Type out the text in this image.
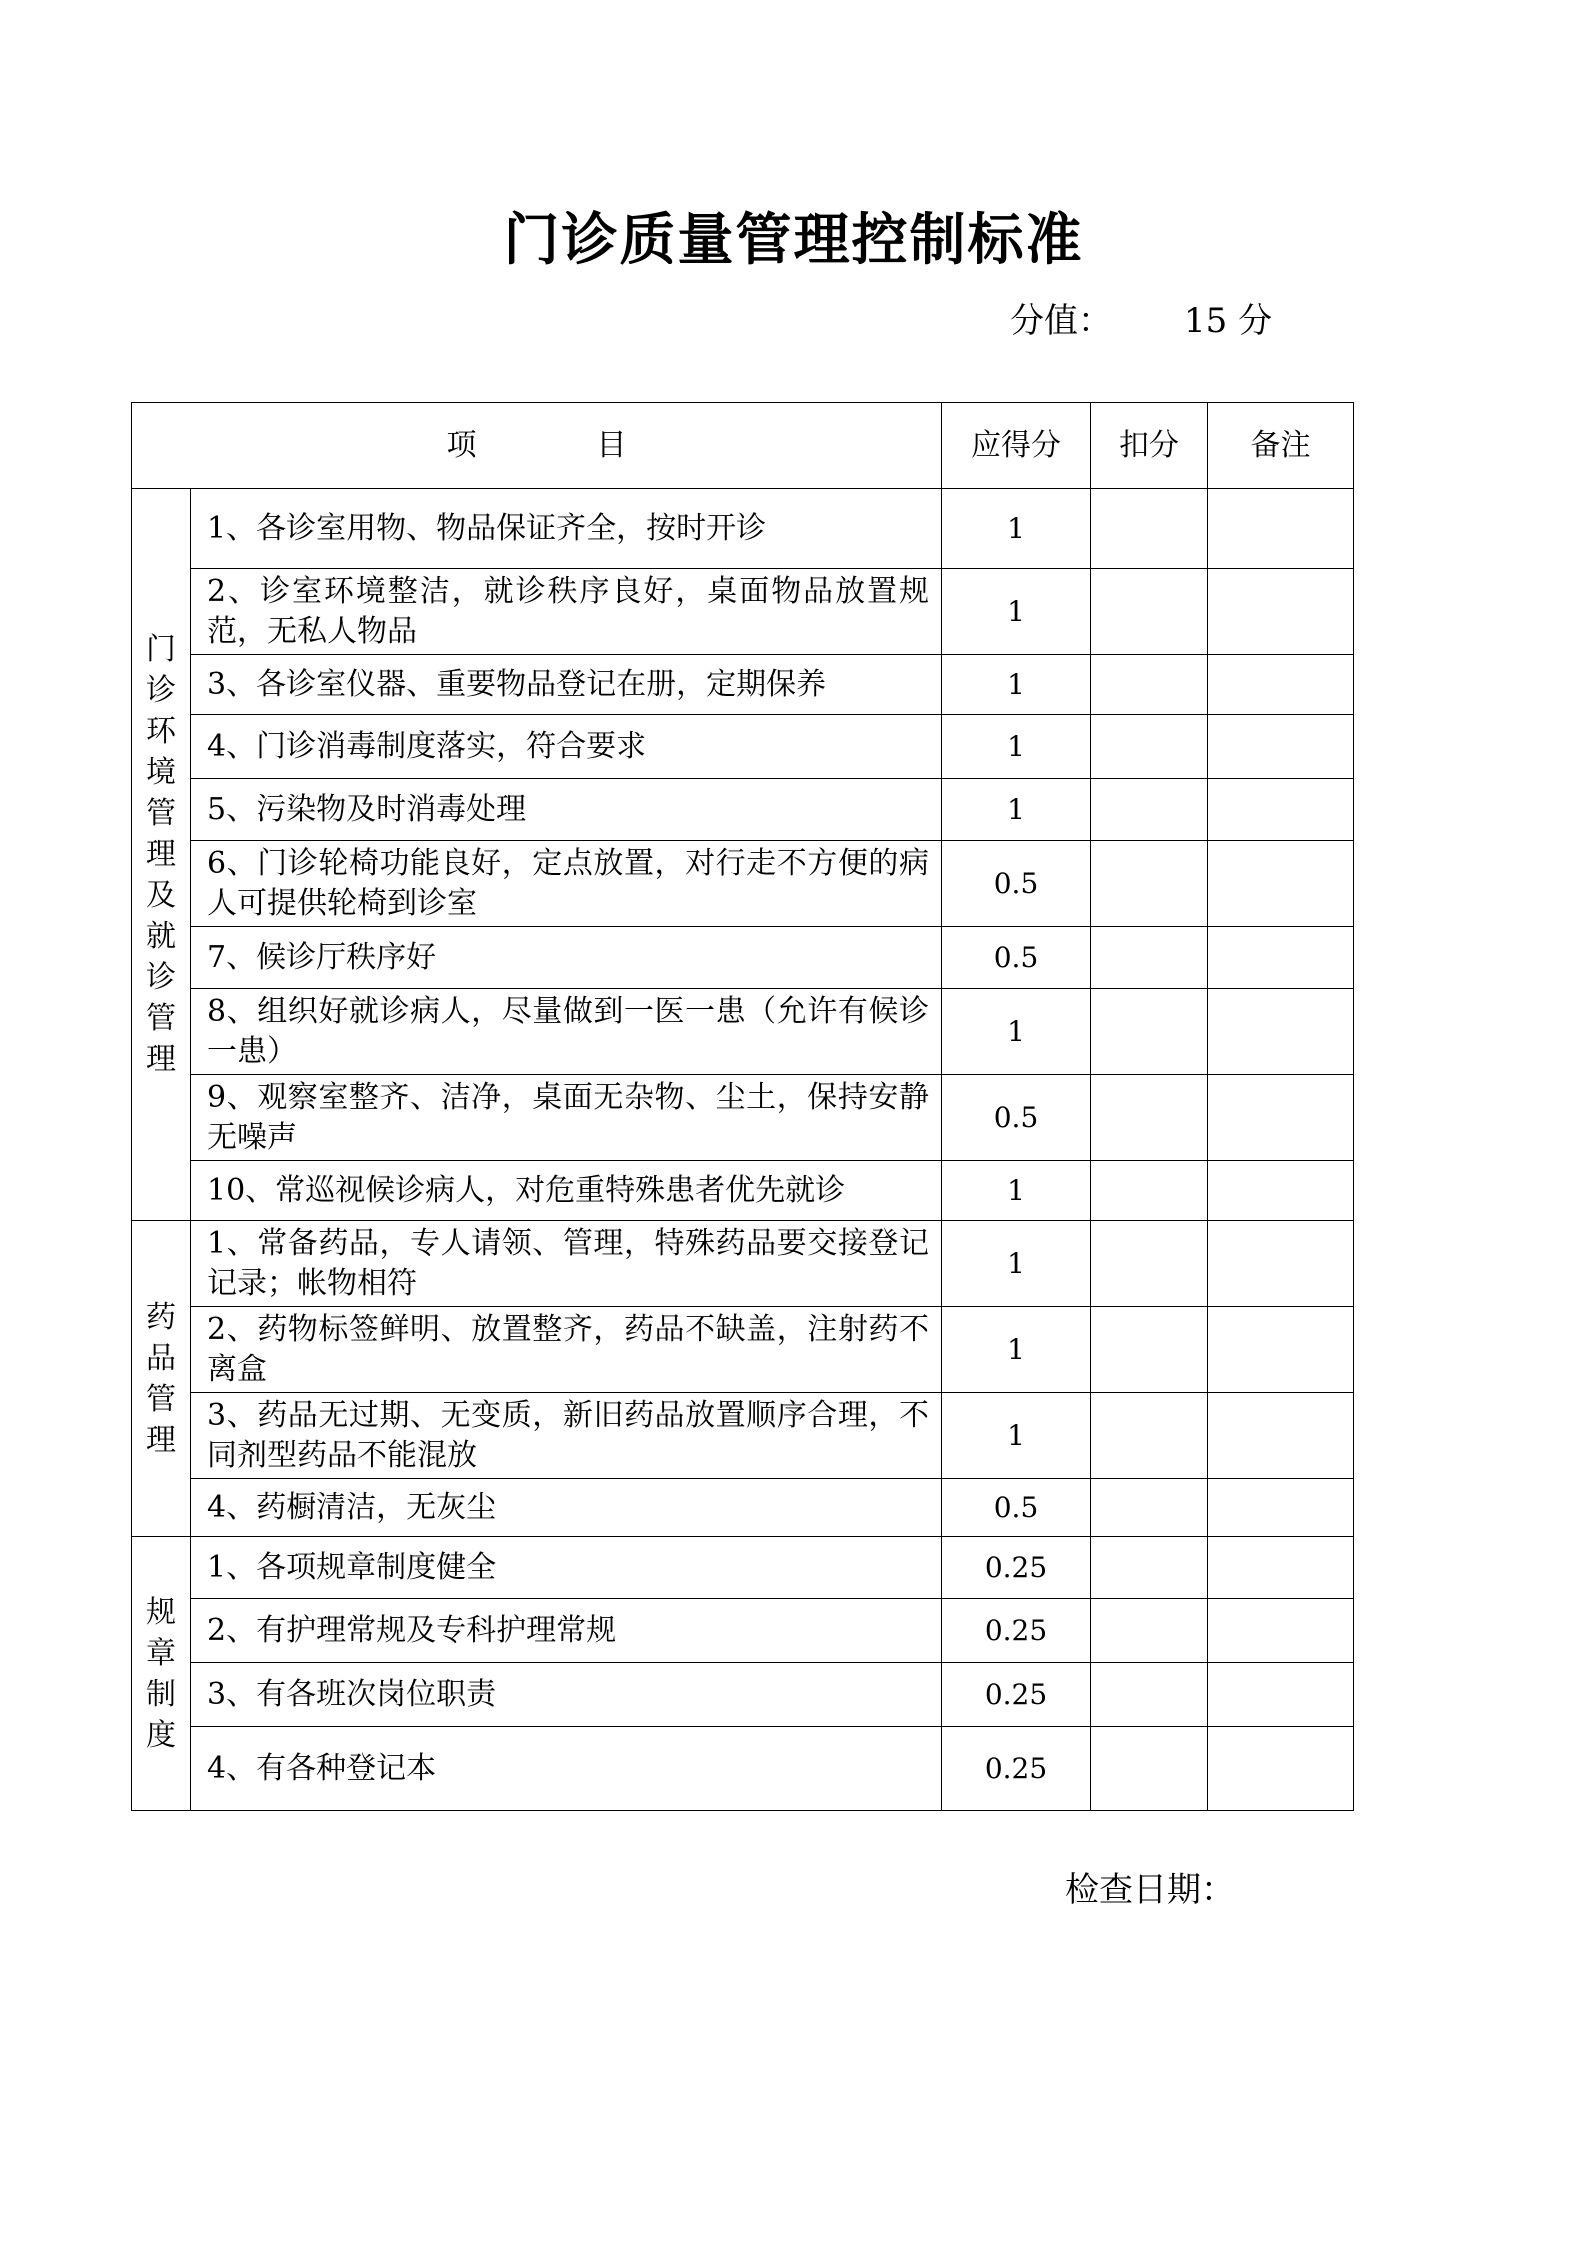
门诊质量管理控制标准
分值： 15 分
项　　　　目		应得分	扣分	备注
门诊环境管理及就诊管理	1、各诊室用物、物品保证齐全，按时开诊	1		
	2、诊室环境整洁，就诊秩序良好，桌面物品放置规范，无私人物品	1		
	3、各诊室仪器、重要物品登记在册，定期保养	1		
	4、门诊消毒制度落实，符合要求	1		
	5、污染物及时消毒处理	1		
	6、门诊轮椅功能良好，定点放置，对行走不方便的病人可提供轮椅到诊室	0.5		
	7、候诊厅秩序好	0.5		
	8、组织好就诊病人，尽量做到一医一患（允许有候诊一患）	1		
	9、观察室整齐、洁净，桌面无杂物、尘土，保持安静无噪声	0.5		
	10、常巡视候诊病人，对危重特殊患者优先就诊	1		
药品管理	1、常备药品，专人请领、管理，特殊药品要交接登记记录；帐物相符	1		
	2、药物标签鲜明、放置整齐，药品不缺盖，注射药不离盒	1		
	3、药品无过期、无变质，新旧药品放置顺序合理，不同剂型药品不能混放	1		
	4、药橱清洁，无灰尘	0.5		
规章制度	1、各项规章制度健全	0.25		
	2、有护理常规及专科护理常规	0.25		
	3、有各班次岗位职责	0.25		
	4、有各种登记本	0.25		
检查日期：
